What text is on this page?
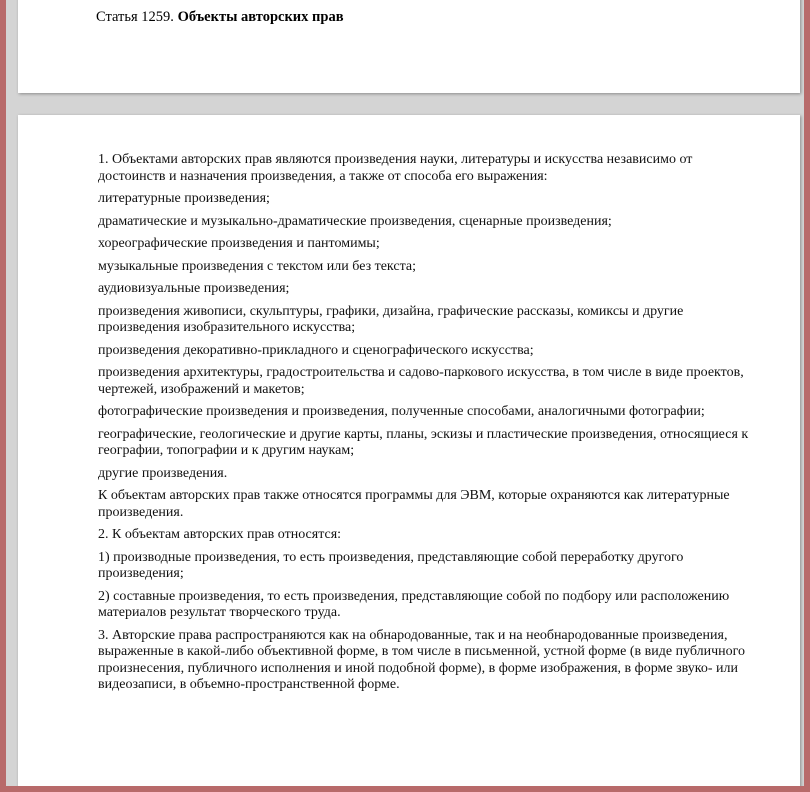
Статья 1259. Объекты авторских прав

1. Объектами авторских прав являются произведения науки, литературы и искусства независимо от достоинств и назначения произведения, а также от способа его выражения:

литературные произведения;

драматические и музыкально-драматические произведения, сценарные произведения;

хореографические произведения и пантомимы;

музыкальные произведения с текстом или без текста;

аудиовизуальные произведения;

произведения живописи, скульптуры, графики, дизайна, графические рассказы, комиксы и другие произведения изобразительного искусства;

произведения декоративно-прикладного и сценографического искусства;

произведения архитектуры, градостроительства и садово-паркового искусства, в том числе в виде проектов, чертежей, изображений и макетов;

фотографические произведения и произведения, полученные способами, аналогичными фотографии;

географические, геологические и другие карты, планы, эскизы и пластические произведения, относящиеся к географии, топографии и к другим наукам;

другие произведения.

К объектам авторских прав также относятся программы для ЭВМ, которые охраняются как литературные произведения.

2. К объектам авторских прав относятся:

1) производные произведения, то есть произведения, представляющие собой переработку другого произведения;

2) составные произведения, то есть произведения, представляющие собой по подбору или расположению материалов результат творческого труда.

3. Авторские права распространяются как на обнародованные, так и на необнародованные произведения, выраженные в какой-либо объективной форме, в том числе в письменной, устной форме (в виде публичного произнесения, публичного исполнения и иной подобной форме), в форме изображения, в форме звуко- или видеозаписи, в объемно-пространственной форме.
